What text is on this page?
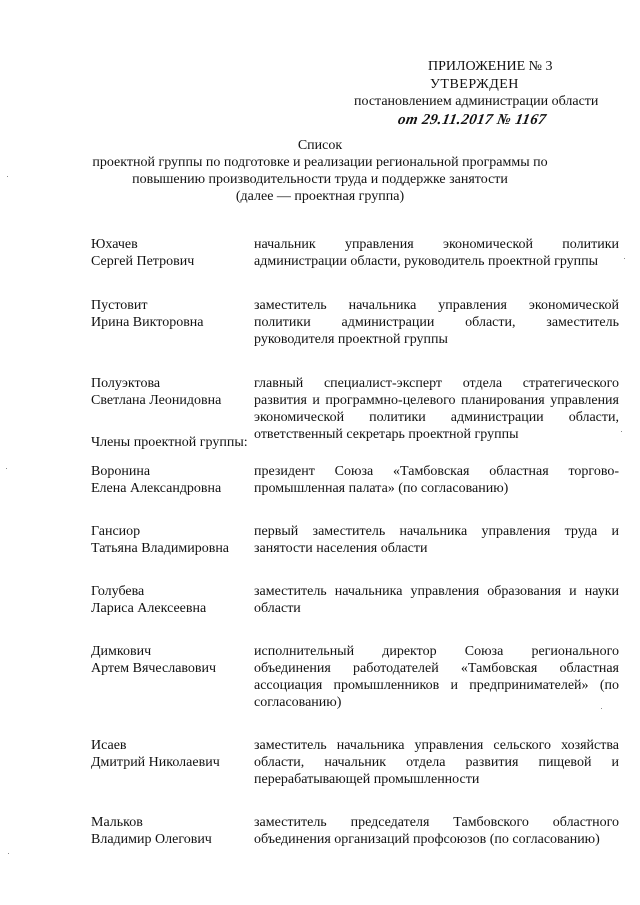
ПРИЛОЖЕНИЕ № 3
УТВЕРЖДЕН
постановлением администрации области
от 29.11.2017 № 1167
Список
проектной группы по подготовке и реализации региональной программы по
повышению производительности труда и поддержке занятости
(далее — проектная группа)
Юхачев
Сергей Петрович
начальник управления экономической политики администрации области, руководитель проектной группы
Пустовит
Ирина Викторовна
заместитель начальника управления экономической политики администрации области, заместитель руководителя проектной группы
Полуэктова
Светлана Леонидовна
главный специалист-эксперт отдела стратегического развития и программно-целевого планирования управления экономической политики администрации области, ответственный секретарь проектной группы
Члены проектной группы:
Воронина
Елена Александровна
президент Союза «Тамбовская областная торгово-промышленная палата» (по согласованию)
Гансиор
Татьяна Владимировна
первый заместитель начальника управления труда и занятости населения области
Голубева
Лариса Алексеевна
заместитель начальника управления образования и науки области
Димкович
Артем Вячеславович
исполнительный директор Союза регионального объединения работодателей «Тамбовская областная ассоциация промышленников и предпринимателей» (по согласованию)
Исаев
Дмитрий Николаевич
заместитель начальника управления сельского хозяйства области, начальник отдела развития пищевой и перерабатывающей промышленности
Мальков
Владимир Олегович
заместитель председателя Тамбовского областного объединения организаций профсоюзов (по согласованию)
